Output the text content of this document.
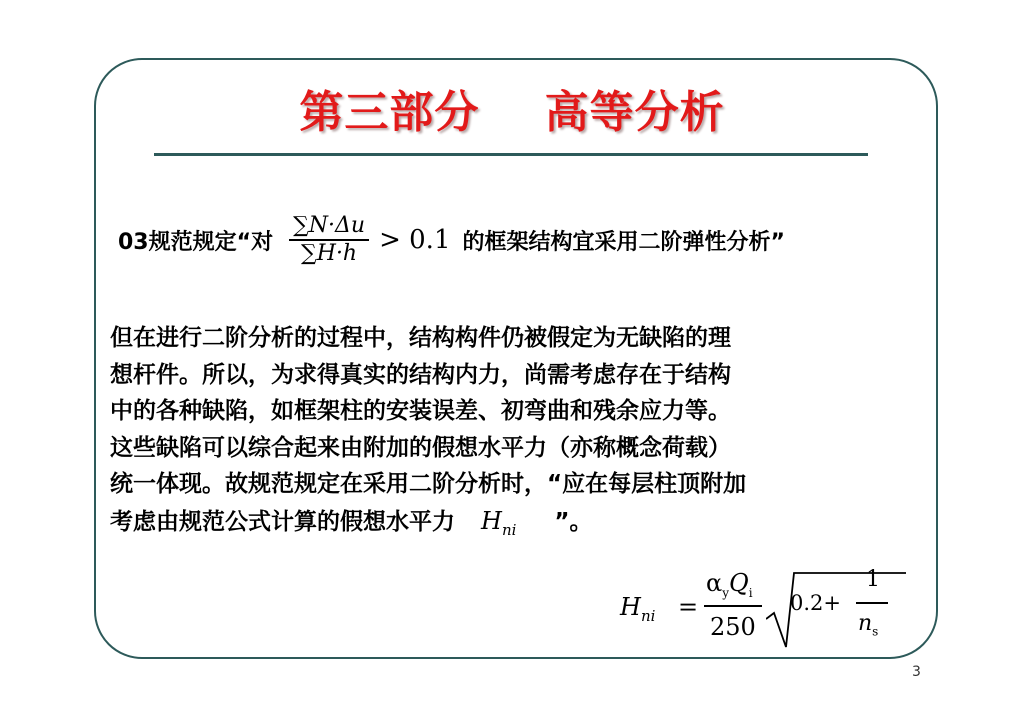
第三部分    高等分析
03规范规定“对 $\frac{\sum N\cdot\Delta u}{\sum H\cdot h} > 0.1$ 的框架结构宜采用二阶弹性分析”
但在进行二阶分析的过程中，结构构件仍被假定为无缺陷的理
想杆件。所以，为求得真实的结构内力，尚需考虑存在于结构
中的各种缺陷，如框架柱的安装误差、初弯曲和残余应力等。
这些缺陷可以综合起来由附加的假想水平力（亦称概念荷载）
统一体现。故规范规定在采用二阶分析时，“应在每层柱顶附加
考虑由规范公式计算的假想水平力 $H_{ni}$ ”。
$H_{ni}$ =
$\alpha_yQ_i$
250
0.2+
1
$n_s$
3
